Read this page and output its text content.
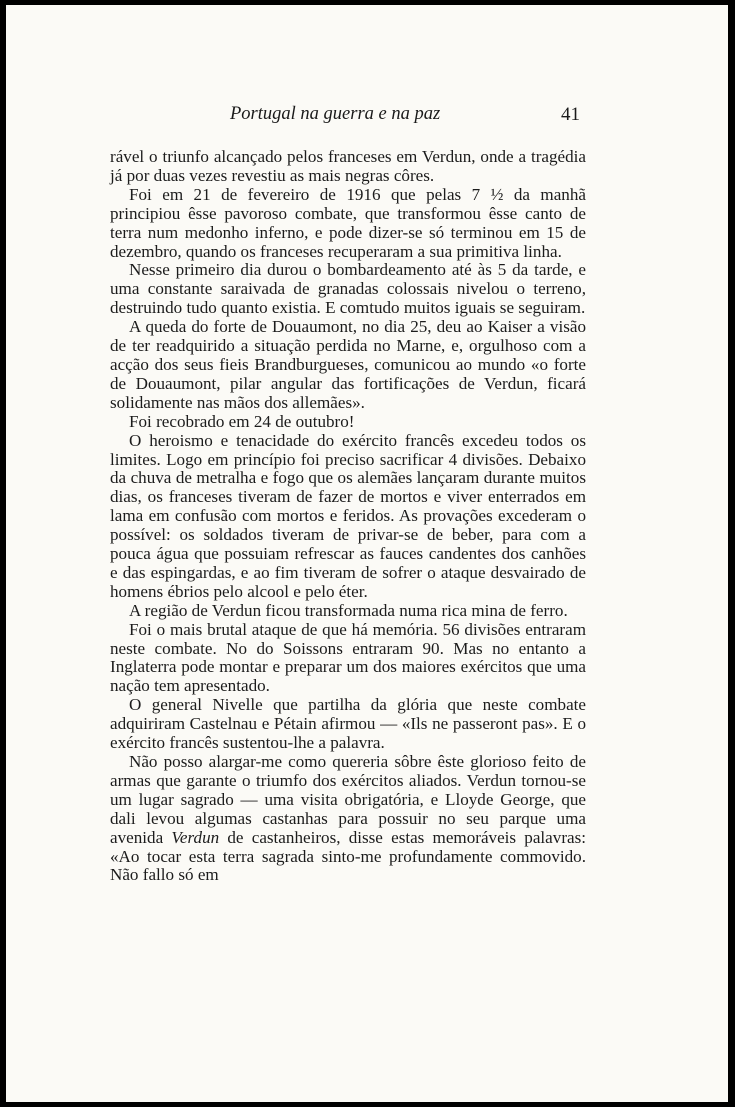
Portugal na guerra e na paz	41

rável o triunfo alcançado pelos franceses em Verdun, onde a tragédia já por duas vezes revestiu as mais negras côres.

Foi em 21 de fevereiro de 1916 que pelas 7 ½ da manhã principiou êsse pavoroso combate, que transformou êsse canto de terra num medonho inferno, e pode dizer-se só terminou em 15 de dezembro, quando os franceses recuperaram a sua primitiva linha.

Nesse primeiro dia durou o bombardeamento até às 5 da tarde, e uma constante saraivada de granadas colossais nivelou o terreno, destruindo tudo quanto existia. E comtudo muitos iguais se seguiram.

A queda do forte de Douaumont, no dia 25, deu ao Kaiser a visão de ter readquirido a situação perdida no Marne, e, orgulhoso com a acção dos seus fieis Brandburgueses, comunicou ao mundo «o forte de Douaumont, pilar angular das fortificações de Verdun, ficará solidamente nas mãos dos allemães».

Foi recobrado em 24 de outubro!

O heroismo e tenacidade do exército francês excedeu todos os limites. Logo em princípio foi preciso sacrificar 4 divisões. Debaixo da chuva de metralha e fogo que os alemães lançaram durante muitos dias, os franceses tiveram de fazer de mortos e viver enterrados em lama em confusão com mortos e feridos. As provações excederam o possível: os soldados tiveram de privar-se de beber, para com a pouca água que possuiam refrescar as fauces candentes dos canhões e das espingardas, e ao fim tiveram de sofrer o ataque desvairado de homens ébrios pelo alcool e pelo éter.

A região de Verdun ficou transformada numa rica mina de ferro.

Foi o mais brutal ataque de que há memória. 56 divisões entraram neste combate. No do Soissons entraram 90. Mas no entanto a Inglaterra pode montar e preparar um dos maiores exércitos que uma nação tem apresentado.

O general Nivelle que partilha da glória que neste combate adquiriram Castelnau e Pétain afirmou — «Ils ne passeront pas». E o exército francês sustentou-lhe a palavra.

Não posso alargar-me como quereria sôbre êste glorioso feito de armas que garante o triumfo dos exércitos aliados. Verdun tornou-se um lugar sagrado — uma visita obrigatória, e Lloyde George, que dali levou algumas castanhas para possuir no seu parque uma avenida Verdun de castanheiros, disse estas memoráveis palavras: «Ao tocar esta terra sagrada sinto-me profundamente commovido. Não fallo só em
